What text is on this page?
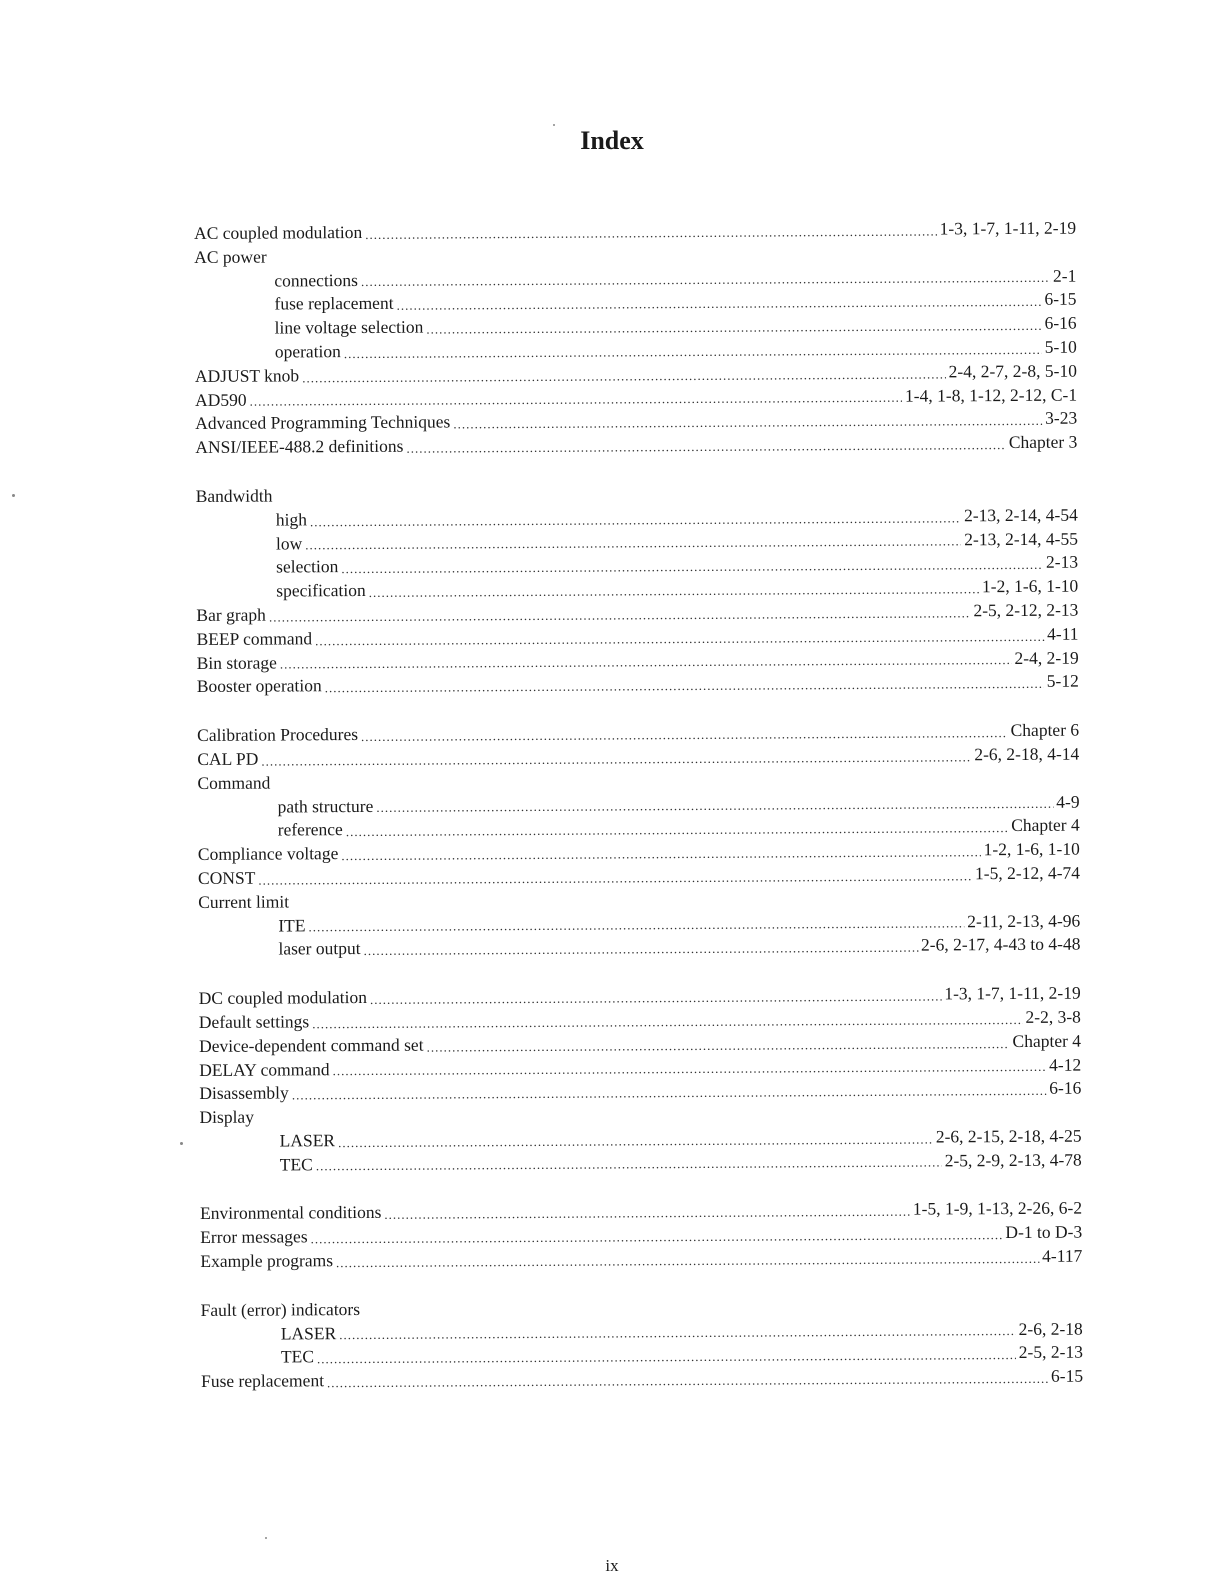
Index
AC coupled modulation .....	1-3, 1-7, 1-11, 2-19
AC power
connections .....	2-1
fuse replacement .....	6-15
line voltage selection .....	6-16
operation .....	5-10
ADJUST knob .....	2-4, 2-7, 2-8, 5-10
AD590 .....	1-4, 1-8, 1-12, 2-12, C-1
Advanced Programming Techniques .....	3-23
ANSI/IEEE-488.2 definitions .....	Chapter 3
Bandwidth
high .....	2-13, 2-14, 4-54
low .....	2-13, 2-14, 4-55
selection .....	2-13
specification .....	1-2, 1-6, 1-10
Bar graph .....	2-5, 2-12, 2-13
BEEP command .....	4-11
Bin storage .....	2-4, 2-19
Booster operation .....	5-12
Calibration Procedures .....	Chapter 6
CAL PD .....	2-6, 2-18, 4-14
Command
path structure .....	4-9
reference .....	Chapter 4
Compliance voltage .....	1-2, 1-6, 1-10
CONST .....	1-5, 2-12, 4-74
Current limit
ITE .....	2-11, 2-13, 4-96
laser output .....	2-6, 2-17, 4-43 to 4-48
DC coupled modulation .....	1-3, 1-7, 1-11, 2-19
Default settings .....	2-2, 3-8
Device-dependent command set .....	Chapter 4
DELAY command .....	4-12
Disassembly .....	6-16
Display
LASER .....	2-6, 2-15, 2-18, 4-25
TEC .....	2-5, 2-9, 2-13, 4-78
Environmental conditions .....	1-5, 1-9, 1-13, 2-26, 6-2
Error messages .....	D-1 to D-3
Example programs .....	4-117
Fault (error) indicators
LASER .....	2-6, 2-18
TEC .....	2-5, 2-13
Fuse replacement .....	6-15
ix
